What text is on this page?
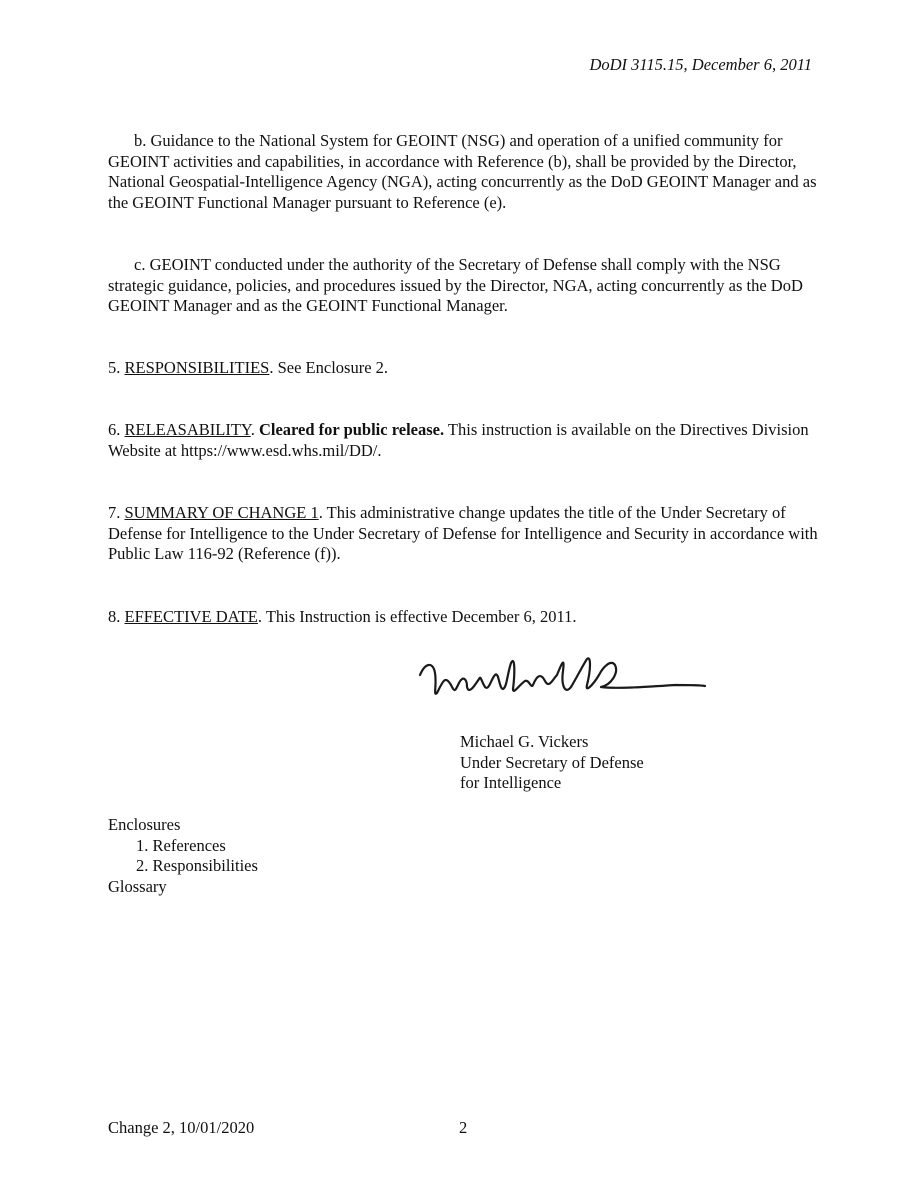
DoDI 3115.15, December 6, 2011
b. Guidance to the National System for GEOINT (NSG) and operation of a unified community for GEOINT activities and capabilities, in accordance with Reference (b), shall be provided by the Director, National Geospatial-Intelligence Agency (NGA), acting concurrently as the DoD GEOINT Manager and as the GEOINT Functional Manager pursuant to Reference (e).
c. GEOINT conducted under the authority of the Secretary of Defense shall comply with the NSG strategic guidance, policies, and procedures issued by the Director, NGA, acting concurrently as the DoD GEOINT Manager and as the GEOINT Functional Manager.
5. RESPONSIBILITIES. See Enclosure 2.
6. RELEASABILITY. Cleared for public release. This instruction is available on the Directives Division Website at https://www.esd.whs.mil/DD/.
7. SUMMARY OF CHANGE 1. This administrative change updates the title of the Under Secretary of Defense for Intelligence to the Under Secretary of Defense for Intelligence and Security in accordance with Public Law 116-92 (Reference (f)).
8. EFFECTIVE DATE. This Instruction is effective December 6, 2011.
Michael G. Vickers
Under Secretary of Defense
for Intelligence
Enclosures
1. References
2. Responsibilities
Glossary
Change 2, 10/01/2020	2
